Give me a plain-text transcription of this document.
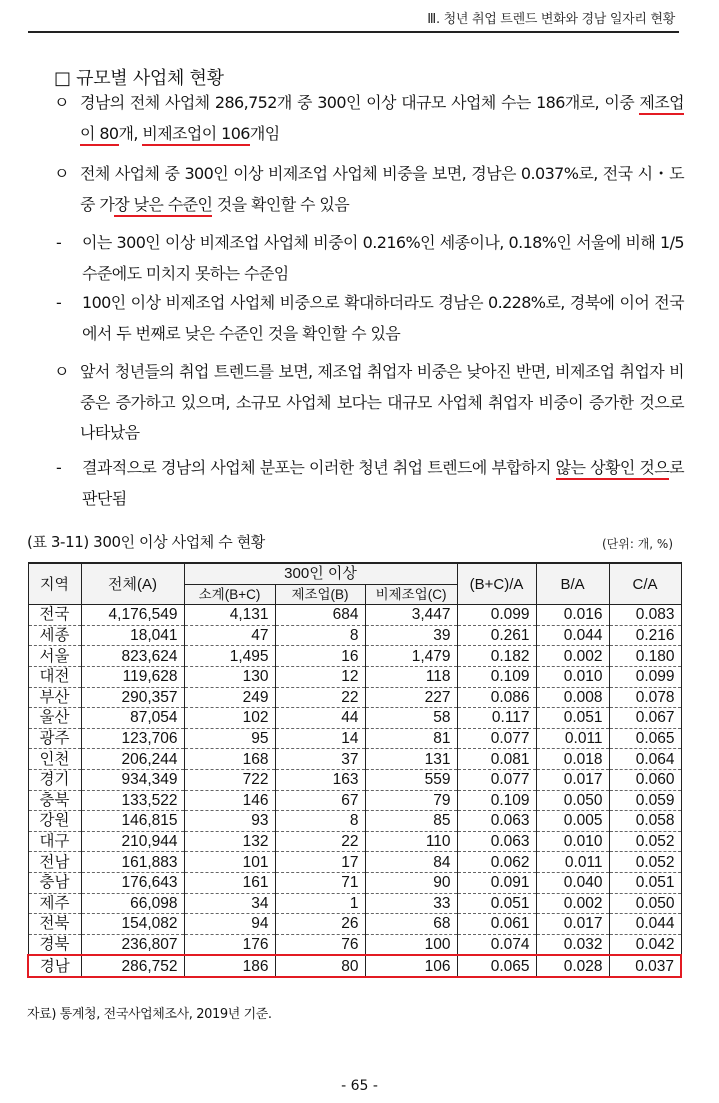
Ⅲ. 청년 취업 트렌드 변화와 경남 일자리 현황
□ 규모별 사업체 현황
ㅇ 경남의 전체 사업체 286,752개 중 300인 이상 대규모 사업체 수는 186개로, 이중 제조업이 80개, 비제조업이 106개임
ㅇ 전체 사업체 중 300인 이상 비제조업 사업체 비중을 보면, 경남은 0.037%로, 전국 시・도 중 가장 낮은 수준인 것을 확인할 수 있음
-	이는 300인 이상 비제조업 사업체 비중이 0.216%인 세종이나, 0.18%인 서울에 비해 1/5 수준에도 미치지 못하는 수준임
-	100인 이상 비제조업 사업체 비중으로 확대하더라도 경남은 0.228%로, 경북에 이어 전국에서 두 번째로 낮은 수준인 것을 확인할 수 있음
ㅇ 앞서 청년들의 취업 트렌드를 보면, 제조업 취업자 비중은 낮아진 반면, 비제조업 취업자 비중은 증가하고 있으며, 소규모 사업체 보다는 대규모 사업체 취업자 비중이 증가한 것으로 나타났음
-	결과적으로 경남의 사업체 분포는 이러한 청년 취업 트렌드에 부합하지 않는 상황인 것으로 판단됨
(표 3-11) 300인 이상 사업체 수 현황	(단위: 개, %)
지역	전체(A)	300인 이상			(B+C)/A	B/A	C/A
		소계(B+C)	제조업(B)	비제조업(C)			
전국	4,176,549	4,131	684	3,447	0.099	0.016	0.083
세종	18,041	47	8	39	0.261	0.044	0.216
서울	823,624	1,495	16	1,479	0.182	0.002	0.180
대전	119,628	130	12	118	0.109	0.010	0.099
부산	290,357	249	22	227	0.086	0.008	0.078
울산	87,054	102	44	58	0.117	0.051	0.067
광주	123,706	95	14	81	0.077	0.011	0.065
인천	206,244	168	37	131	0.081	0.018	0.064
경기	934,349	722	163	559	0.077	0.017	0.060
충북	133,522	146	67	79	0.109	0.050	0.059
강원	146,815	93	8	85	0.063	0.005	0.058
대구	210,944	132	22	110	0.063	0.010	0.052
전남	161,883	101	17	84	0.062	0.011	0.052
충남	176,643	161	71	90	0.091	0.040	0.051
제주	66,098	34	1	33	0.051	0.002	0.050
전북	154,082	94	26	68	0.061	0.017	0.044
경북	236,807	176	76	100	0.074	0.032	0.042
경남	286,752	186	80	106	0.065	0.028	0.037
자료) 통계청, 전국사업체조사, 2019년 기준.
- 65 -
